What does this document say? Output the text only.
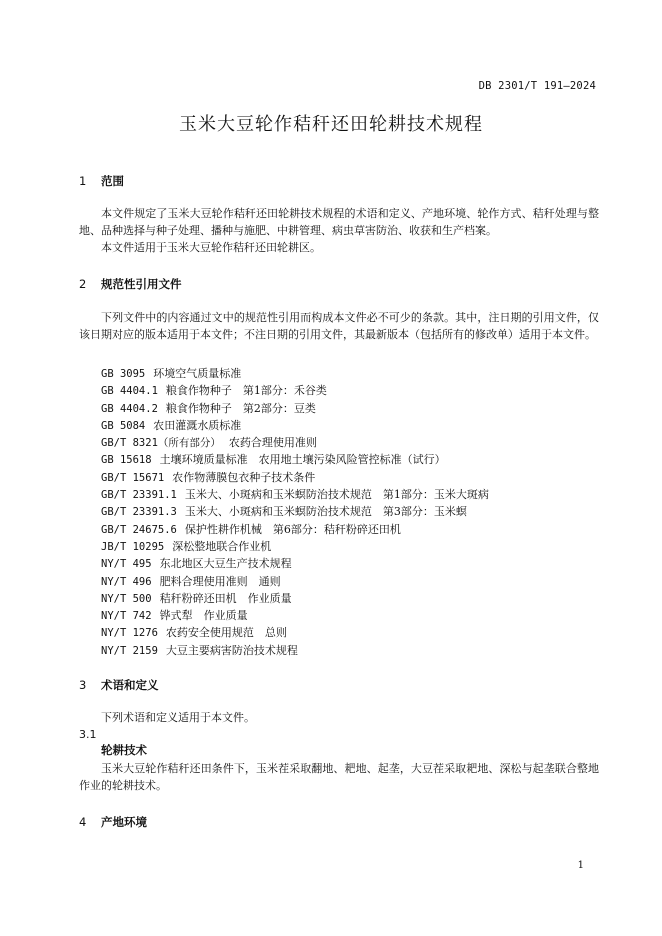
DB 2301/T 191—2024
玉米大豆轮作秸秆还田轮耕技术规程
1 范围

本文件规定了玉米大豆轮作秸秆还田轮耕技术规程的术语和定义、产地环境、轮作方式、秸秆处理与整地、品种选择与种子处理、播种与施肥、中耕管理、病虫草害防治、收获和生产档案。

本文件适用于玉米大豆轮作秸秆还田轮耕区。

2 规范性引用文件

下列文件中的内容通过文中的规范性引用而构成本文件必不可少的条款。其中，注日期的引用文件，仅该日期对应的版本适用于本文件；不注日期的引用文件，其最新版本（包括所有的修改单）适用于本文件。

GB 3095 环境空气质量标准
GB 4404.1 粮食作物种子　第1部分：禾谷类
GB 4404.2 粮食作物种子　第2部分：豆类
GB 5084 农田灌溉水质标准
GB/T 8321（所有部分） 农药合理使用准则
GB 15618 土壤环境质量标准　农用地土壤污染风险管控标准（试行）
GB/T 15671 农作物薄膜包衣种子技术条件
GB/T 23391.1 玉米大、小斑病和玉米螟防治技术规范　第1部分：玉米大斑病
GB/T 23391.3 玉米大、小斑病和玉米螟防治技术规范　第3部分：玉米螟
GB/T 24675.6 保护性耕作机械　第6部分：秸秆粉碎还田机
JB/T 10295 深松整地联合作业机
NY/T 495 东北地区大豆生产技术规程
NY/T 496 肥料合理使用准则　通则
NY/T 500 秸秆粉碎还田机　作业质量
NY/T 742 铧式犁　作业质量
NY/T 1276 农药安全使用规范　总则
NY/T 2159 大豆主要病害防治技术规程
3 术语和定义

下列术语和定义适用于本文件。

3.1
轮耕技术

玉米大豆轮作秸秆还田条件下，玉米茬采取翻地、耙地、起垄，大豆茬采取耙地、深松与起垄联合整地作业的轮耕技术。

4 产地环境
1
